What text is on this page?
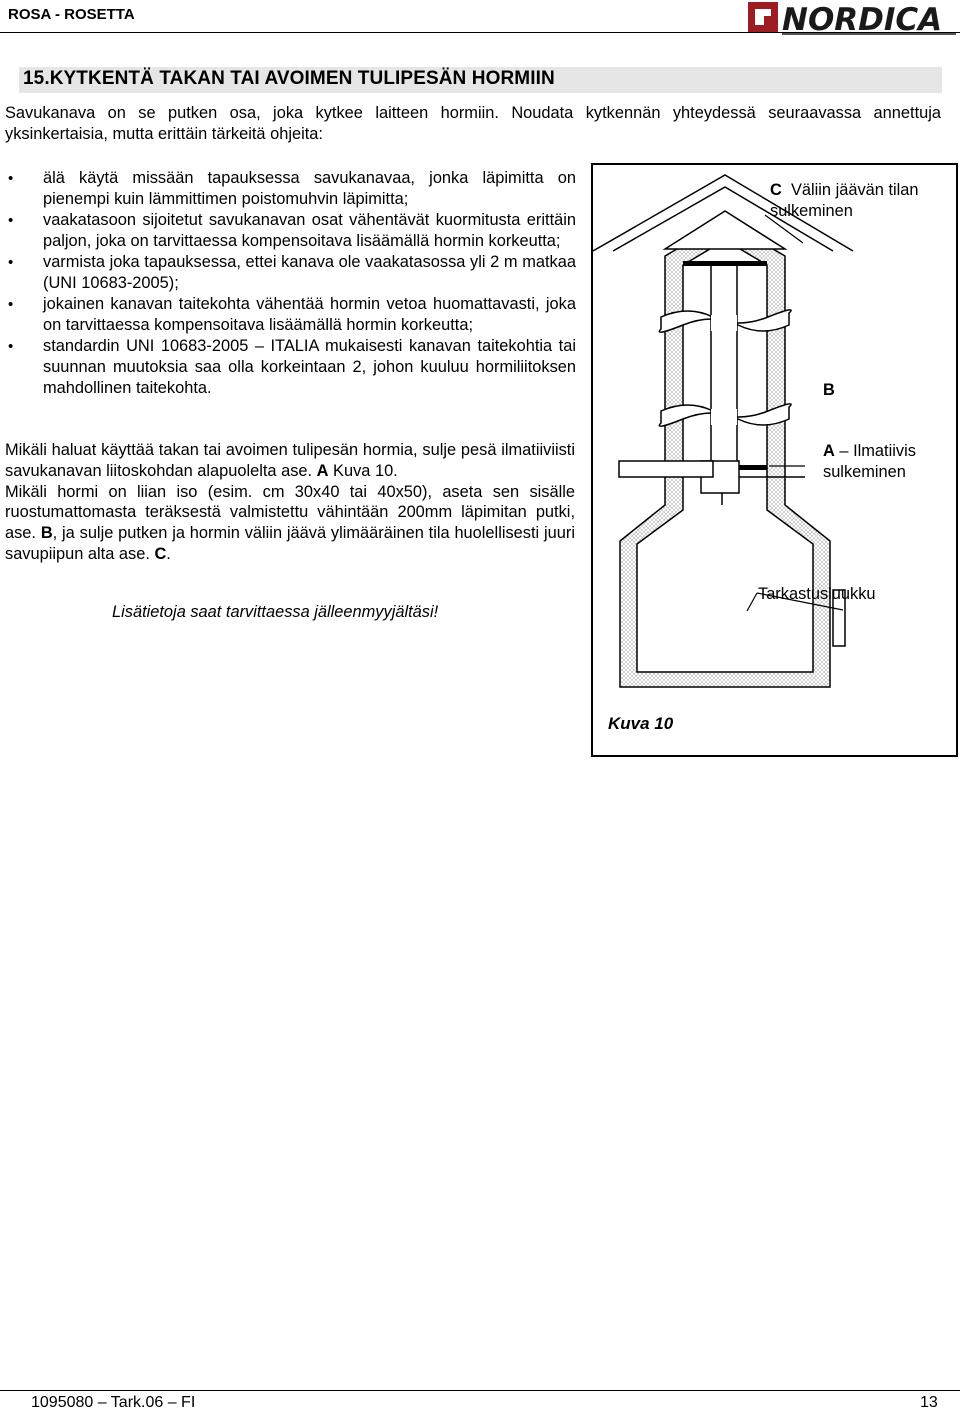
ROSA - ROSETTA	NORDICA
15.KYTKENTÄ TAKAN TAI AVOIMEN TULIPESÄN HORMIIN
Savukanava on se putken osa, joka kytkee laitteen hormiin. Noudata kytkennän yhteydessä seuraavassa annettuja yksinkertaisia, mutta erittäin tärkeitä ohjeita:
• älä käytä missään tapauksessa savukanavaa, jonka läpimitta on pienempi kuin lämmittimen poistomuhvin läpimitta;
• vaakatasoon sijoitetut savukanavan osat vähentävät kuormitusta erittäin paljon, joka on tarvittaessa kompensoitava lisäämällä hormin korkeutta;
• varmista joka tapauksessa, ettei kanava ole vaakatasossa yli 2 m matkaa (UNI 10683-2005);
• jokainen kanavan taitekohta vähentää hormin vetoa huomattavasti, joka on tarvittaessa kompensoitava lisäämällä hormin korkeutta;
• standardin UNI 10683-2005 – ITALIA mukaisesti kanavan taitekohtia tai suunnan muutoksia saa olla korkeintaan 2, johon kuuluu hormiliitoksen mahdollinen taitekohta.

Mikäli haluat käyttää takan tai avoimen tulipesän hormia, sulje pesä ilmatiiviisti savukanavan liitoskohdan alapuolelta ase. A Kuva 10.

Mikäli hormi on liian iso (esim. cm 30x40 tai 40x50), aseta sen sisälle ruostumattomasta teräksestä valmistettu vähintään 200mm läpimitan putki, ase. B, ja sulje putken ja hormin väliin jäävä ylimääräinen tila huolellisesti juuri savupiipun alta ase. C.

Lisätietoja saat tarvittaessa jälleenmyyjältäsi!
C Väliin jäävän tilan sulkeminen
B
A – Ilmatiivis sulkeminen
Tarkastusluukku
Kuva 10
1095080 – Tark.06 – FI	13
